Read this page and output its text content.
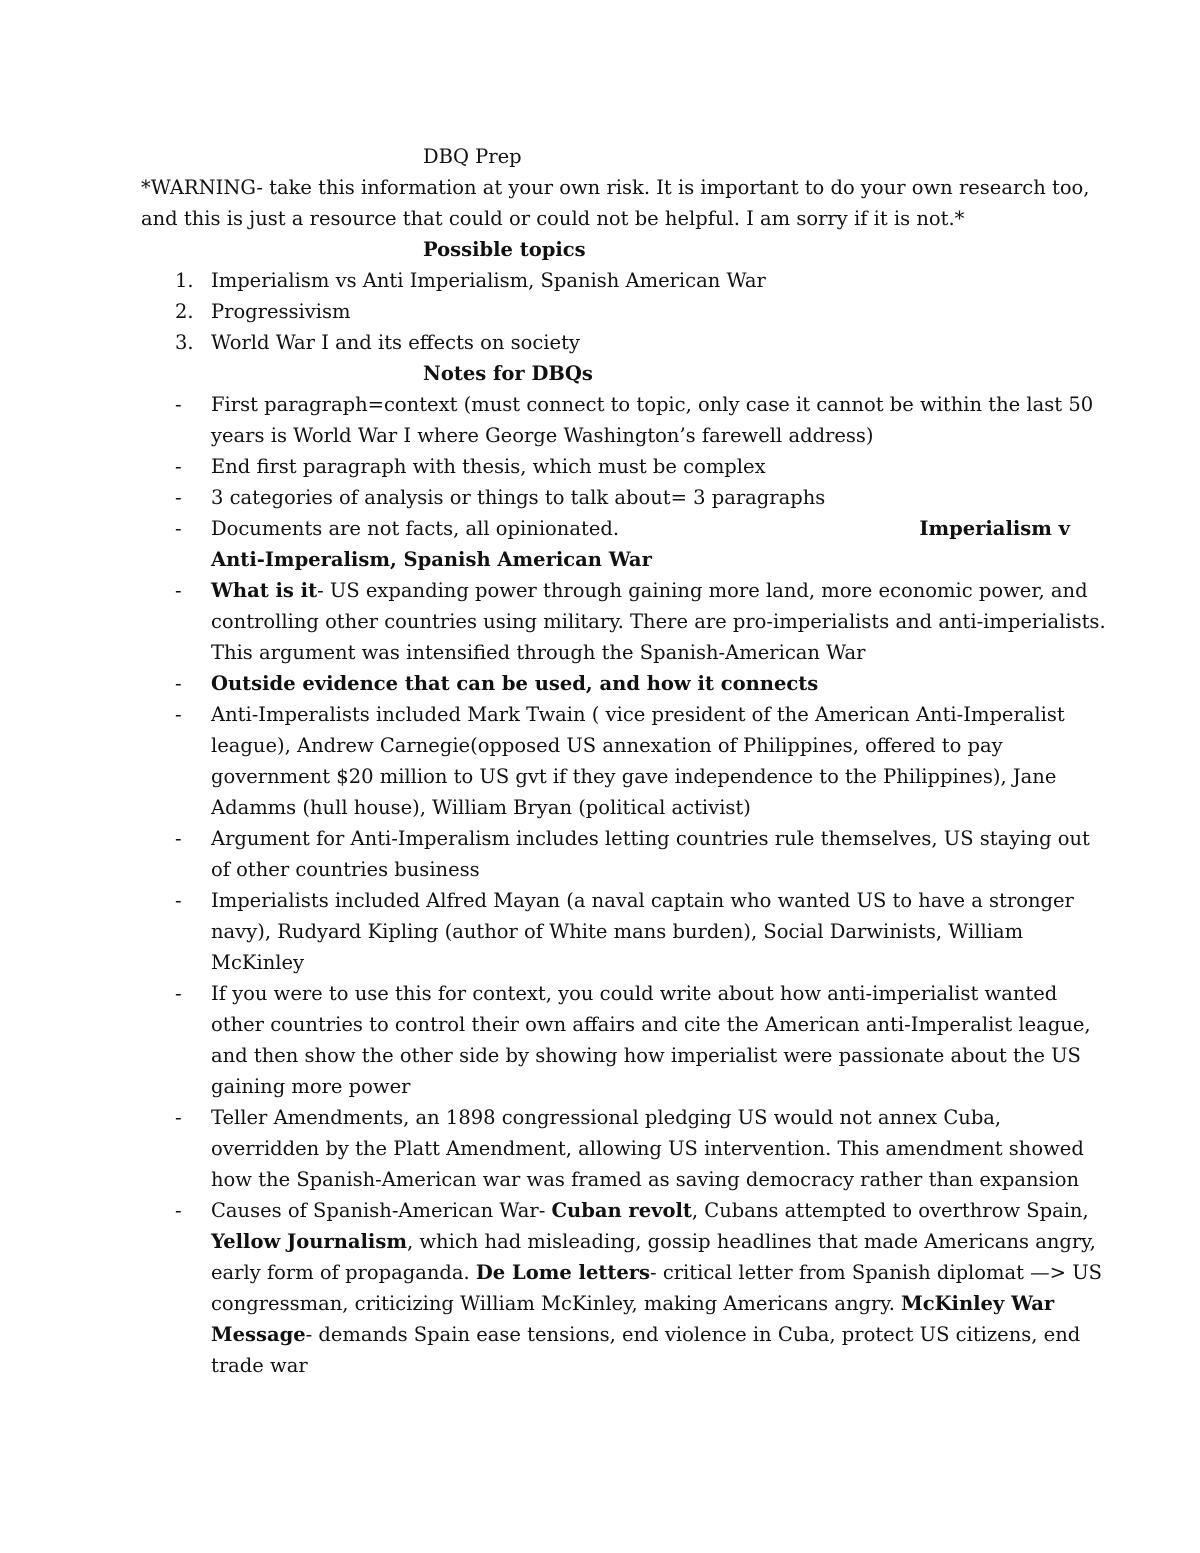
DBQ Prep
*WARNING- take this information at your own risk. It is important to do your own research too,
and this is just a resource that could or could not be helpful. I am sorry if it is not.*
Possible topics
1. Imperialism vs Anti Imperialism, Spanish American War
2. Progressivism
3. World War I and its effects on society
Notes for DBQs
- First paragraph=context (must connect to topic, only case it cannot be within the last 50
years is World War I where George Washington’s farewell address)
- End first paragraph with thesis, which must be complex
- 3 categories of analysis or things to talk about= 3 paragraphs
- Documents are not facts, all opinionated.	Imperialism v
Anti-Imperalism, Spanish American War
- What is it- US expanding power through gaining more land, more economic power, and
controlling other countries using military. There are pro-imperialists and anti-imperialists.
This argument was intensified through the Spanish-American War
- Outside evidence that can be used, and how it connects
- Anti-Imperalists included Mark Twain ( vice president of the American Anti-Imperalist
league), Andrew Carnegie(opposed US annexation of Philippines, offered to pay
government $20 million to US gvt if they gave independence to the Philippines), Jane
Adamms (hull house), William Bryan (political activist)
- Argument for Anti-Imperalism includes letting countries rule themselves, US staying out
of other countries business
- Imperialists included Alfred Mayan (a naval captain who wanted US to have a stronger
navy), Rudyard Kipling (author of White mans burden), Social Darwinists, William
McKinley
- If you were to use this for context, you could write about how anti-imperialist wanted
other countries to control their own affairs and cite the American anti-Imperalist league,
and then show the other side by showing how imperialist were passionate about the US
gaining more power
- Teller Amendments, an 1898 congressional pledging US would not annex Cuba,
overridden by the Platt Amendment, allowing US intervention. This amendment showed
how the Spanish-American war was framed as saving democracy rather than expansion
- Causes of Spanish-American War- Cuban revolt, Cubans attempted to overthrow Spain,
Yellow Journalism, which had misleading, gossip headlines that made Americans angry,
early form of propaganda. De Lome letters- critical letter from Spanish diplomat —> US
congressman, criticizing William McKinley, making Americans angry. McKinley War
Message- demands Spain ease tensions, end violence in Cuba, protect US citizens, end
trade war
